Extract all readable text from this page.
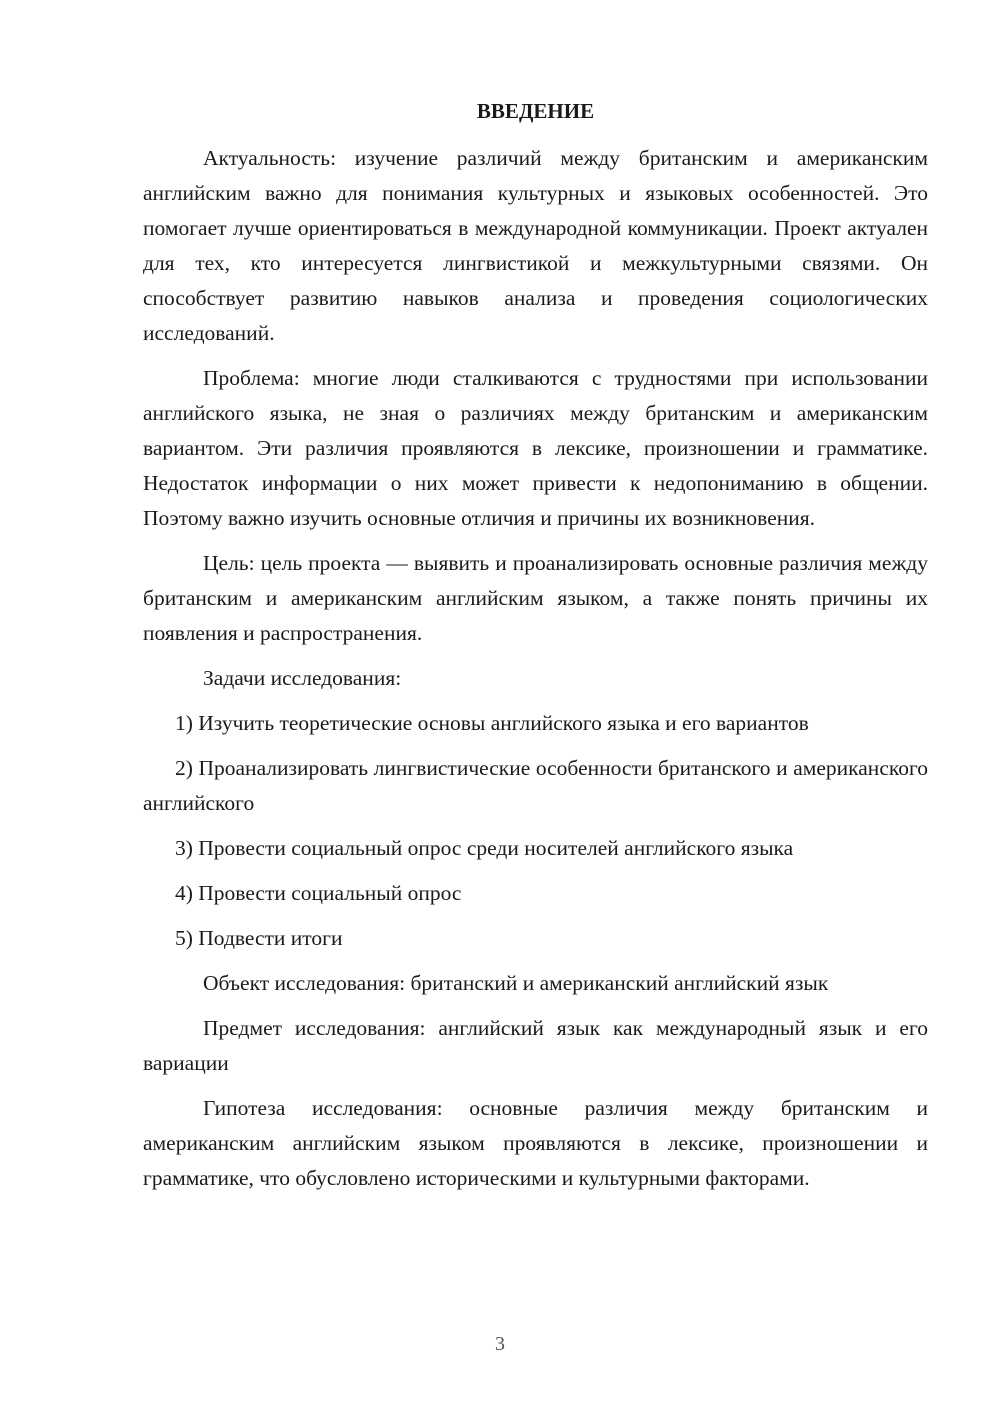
ВВЕДЕНИЕ

Актуальность: изучение различий между британским и американским английским важно для понимания культурных и языковых особенностей. Это помогает лучше ориентироваться в международной коммуникации. Проект актуален для тех, кто интересуется лингвистикой и межкультурными связями. Он способствует развитию навыков анализа и проведения социологических исследований.

Проблема: многие люди сталкиваются с трудностями при использовании английского языка, не зная о различиях между британским и американским вариантом. Эти различия проявляются в лексике, произношении и грамматике. Недостаток информации о них может привести к недопониманию в общении. Поэтому важно изучить основные отличия и причины их возникновения.

Цель: цель проекта — выявить и проанализировать основные различия между британским и американским английским языком, а также понять причины их появления и распространения.

Задачи исследования:

1) Изучить теоретические основы английского языка и его вариантов

2) Проанализировать лингвистические особенности британского и американского английского

3) Провести социальный опрос среди носителей английского языка

4) Провести социальный опрос

5) Подвести итоги

Объект исследования: британский и американский английский язык

Предмет исследования: английский язык как международный язык и его вариации

Гипотеза исследования: основные различия между британским и американским английским языком проявляются в лексике, произношении и грамматике, что обусловлено историческими и культурными факторами.

3
